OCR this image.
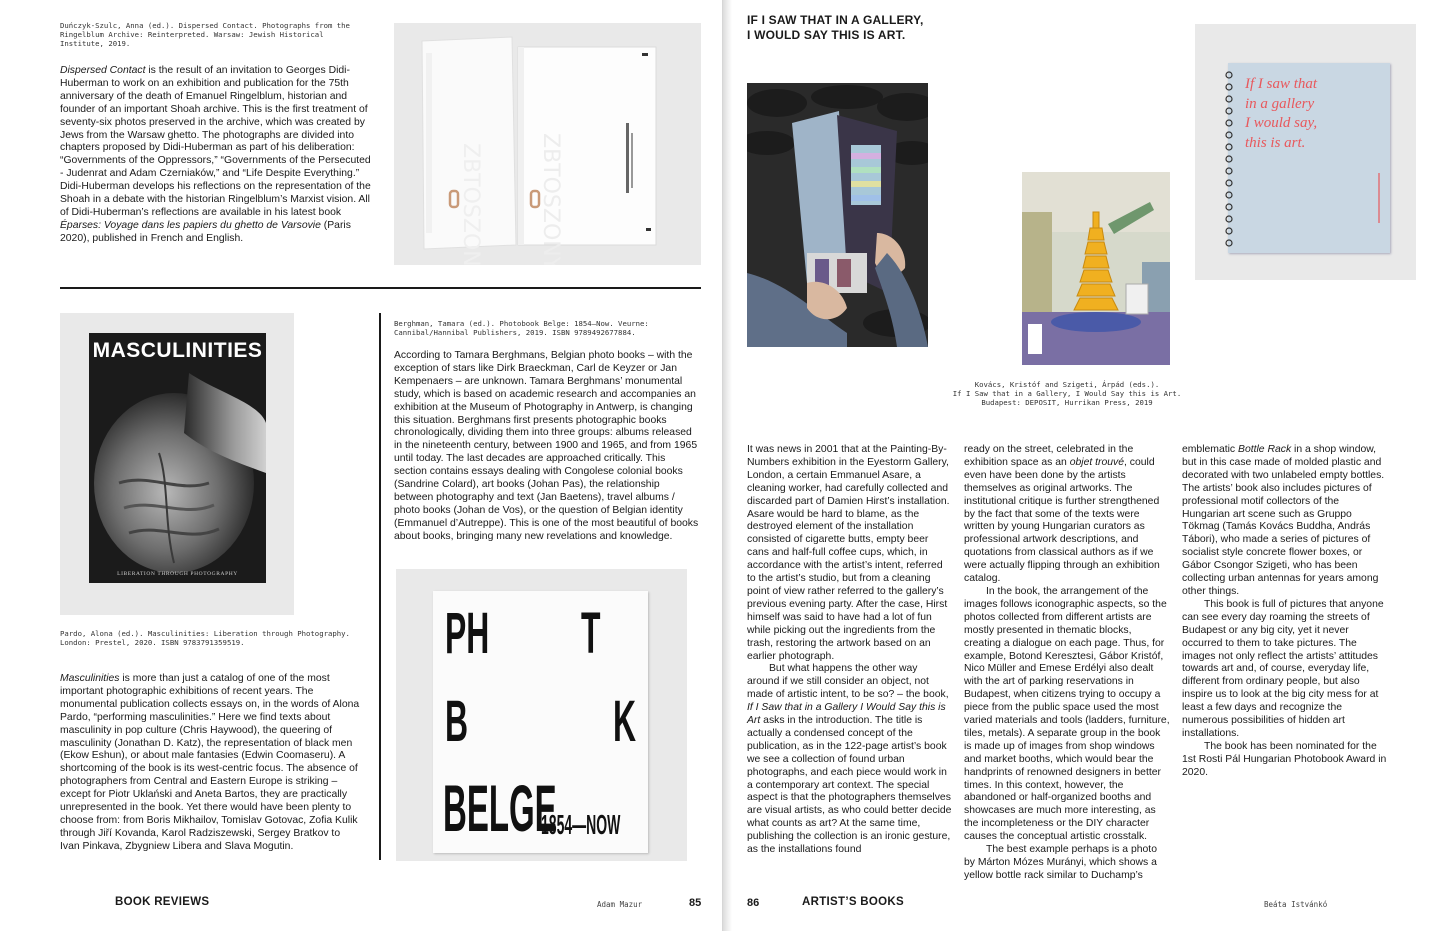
Duńczyk-Szulc, Anna (ed.). Dispersed Contact. Photographs from the Ringelblum Archive: Reinterpreted. Warsaw: Jewish Historical Institute, 2019.

Dispersed Contact is the result of an invitation to Georges Didi-Huberman to work on an exhibition and publication for the 75th anniversary of the death of Emanuel Ringelblum, historian and founder of an important Shoah archive. This is the first treatment of seventy-six photos preserved in the archive, which was created by Jews from the Warsaw ghetto. The photographs are divided into chapters proposed by Didi-Huberman as part of his deliberation: “Governments of the Oppressors,” “Governments of the Persecuted - Judenrat and Adam Czerniaków,” and “Life Despite Everything.” Didi-Huberman develops his reflections on the representation of the Shoah in a debate with the historian Ringelblum’s Marxist vision. All of Didi-Huberman’s reflections are available in his latest book Éparses: Voyage dans les papiers du ghetto de Varsovie (Paris 2020), published in French and English.	ZBTOSZONY	ZBTOSZONY
MASCULINITIES
LIBERATION THROUGH PHOTOGRAPHY
Pardo, Alona (ed.). Masculinities: Liberation through Photography. London: Prestel, 2020. ISBN 9783791359519.

Masculinities is more than just a catalog of one of the most important photographic exhibitions of recent years. The monumental publication collects essays on, in the words of Alona Pardo, “performing masculinities.” Here we find texts about masculinity in pop culture (Chris Haywood), the queering of masculinity (Jonathan D. Katz), the representation of black men (Ekow Eshun), or about male fantasies (Edwin Coomaseru). A shortcoming of the book is its west-centric focus. The absence of photographers from Central and Eastern Europe is striking – except for Piotr Uklański and Aneta Bartos, they are practically unrepresented in the book. Yet there would have been plenty to choose from: from Boris Mikhailov, Tomislav Gotovac, Zofia Kulik through Jiří Kovanda, Karol Radziszewski, Sergey Bratkov to Ivan Pinkava, Zbygniew Libera and Slava Mogutin.

Berghman, Tamara (ed.). Photobook Belge: 1854–Now. Veurne: Cannibal/Hannibal Publishers, 2019. ISBN 9789492677884.

According to Tamara Berghmans, Belgian photo books – with the exception of stars like Dirk Braeckman, Carl de Keyzer or Jan Kempenaers – are unknown. Tamara Berghmans’ monumental study, which is based on academic research and accompanies an exhibition at the Museum of Photography in Antwerp, is changing this situation. Berghmans first presents photographic books chronologically, dividing them into three groups: albums released in the nineteenth century, between 1900 and 1965, and from 1965 until today. The last decades are approached critically. This section contains essays dealing with Congolese colonial books (Sandrine Colard), art books (Johan Pas), the relationship between photography and text (Jan Baetens), travel albums / photo books (Johan de Vos), or the question of Belgian identity (Emmanuel d’Autreppe). This is one of the most beautiful of books about books, bringing many new revelations and knowledge.

PH T
B K
BELGE
1854—NOW
BOOK REVIEWS	Adam Mazur	85
IF I SAW THAT IN A GALLERY,
I WOULD SAY THIS IS ART.
If I saw that
in a gallery
I would say,
this is art.
Kovács, Kristóf and Szigeti, Árpád (eds.).
If I Saw that in a Gallery, I Would Say this is Art.
Budapest: DEPOSIT, Hurrikan Press, 2019

It was news in 2001 that at the Painting-By-Numbers exhibition in the Eyestorm Gallery, London, a certain Emmanuel Asare, a cleaning worker, had carefully collected and discarded part of Damien Hirst’s installation. Asare would be hard to blame, as the destroyed element of the installation consisted of cigarette butts, empty beer cans and half-full coffee cups, which, in accordance with the artist’s intent, referred to the artist’s studio, but from a cleaning point of view rather referred to the gallery’s previous evening party. After the case, Hirst himself was said to have had a lot of fun while picking out the ingredients from the trash, restoring the artwork based on an earlier photograph.

But what happens the other way around if we still consider an object, not made of artistic intent, to be so? – the book, If I Saw that in a Gallery I Would Say this is Art asks in the introduction. The title is actually a condensed concept of the publication, as in the 122-page artist’s book we see a collection of found urban photographs, and each piece would work in a contemporary art context. The special aspect is that the photographers themselves are visual artists, as who could better decide what counts as art? At the same time, publishing the collection is an ironic gesture, as the installations found

ready on the street, celebrated in the exhibition space as an objet trouvé, could even have been done by the artists themselves as original artworks. The institutional critique is further strengthened by the fact that some of the texts were written by young Hungarian curators as professional artwork descriptions, and quotations from classical authors as if we were actually flipping through an exhibition catalog.

In the book, the arrangement of the images follows iconographic aspects, so the photos collected from different artists are mostly presented in thematic blocks, creating a dialogue on each page. Thus, for example, Botond Keresztesi, Gábor Kristóf, Nico Müller and Emese Erdélyi also dealt with the art of parking reservations in Budapest, when citizens trying to occupy a piece from the public space used the most varied materials and tools (ladders, furniture, tiles, metals). A separate group in the book is made up of images from shop windows and market booths, which would bear the handprints of renowned designers in better times. In this context, however, the abandoned or half-organized booths and showcases are much more interesting, as the incompleteness or the DIY character causes the conceptual artistic crosstalk.

The best example perhaps is a photo by Márton Mózes Murányi, which shows a yellow bottle rack similar to Duchamp’s

emblematic Bottle Rack in a shop window, but in this case made of molded plastic and decorated with two unlabeled empty bottles. The artists’ book also includes pictures of professional motif collectors of the Hungarian art scene such as Gruppo Tökmag (Tamás Kovács Buddha, András Tábori), who made a series of pictures of socialist style concrete flower boxes, or Gábor Csongor Szigeti, who has been collecting urban antennas for years among other things.

This book is full of pictures that anyone can see every day roaming the streets of Budapest or any big city, yet it never occurred to them to take pictures. The images not only reflect the artists’ attitudes towards art and, of course, everyday life, different from ordinary people, but also inspire us to look at the big city mess for at least a few days and recognize the numerous possibilities of hidden art installations.

The book has been nominated for the 1st Rosti Pál Hungarian Photobook Award in 2020.

86	ARTIST’S BOOKS	Beáta Istvánkó
